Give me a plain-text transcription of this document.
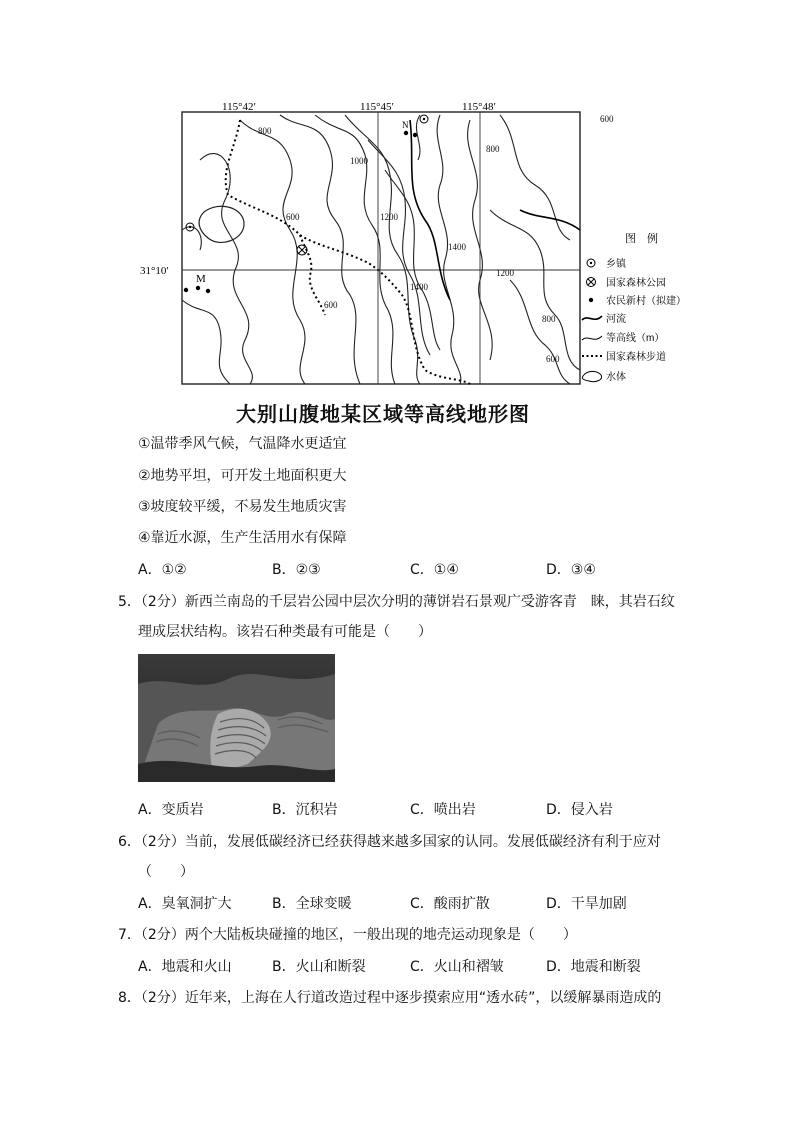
115°42′	115°45′	115°48′
31°10′
800
1000
600	1200
1400
1400
1200
800
600
600
800
600
N
M
图　例
乡镇
国家森林公园
农民新村（拟建）
河流
等高线（m）
国家森林步道
水体
大别山腹地某区域等高线地形图
①温带季风气候，气温降水更适宜
②地势平坦，可开发土地面积更大
③坡度较平缓，不易发生地质灾害
④靠近水源，生产生活用水有保障
A．①②	B．②③	C．①④	D．③④
5．（2分）新西兰南岛的千层岩公园中层次分明的薄饼岩石景观广受游客青　睐，其岩石纹
理成层状结构。该岩石种类最有可能是（　　）
A．变质岩	B．沉积岩	C．喷出岩	D．侵入岩
6．（2分）当前，发展低碳经济已经获得越来越多国家的认同。发展低碳经济有利于应对
（　　）
A．臭氧洞扩大	B．全球变暖	C．酸雨扩散	D．干旱加剧
7．（2分）两个大陆板块碰撞的地区，一般出现的地壳运动现象是（　　）
A．地震和火山	B．火山和断裂	C．火山和褶皱	D．地震和断裂
8．（2分）近年来，上海在人行道改造过程中逐步摸索应用“透水砖”，以缓解暴雨造成的
